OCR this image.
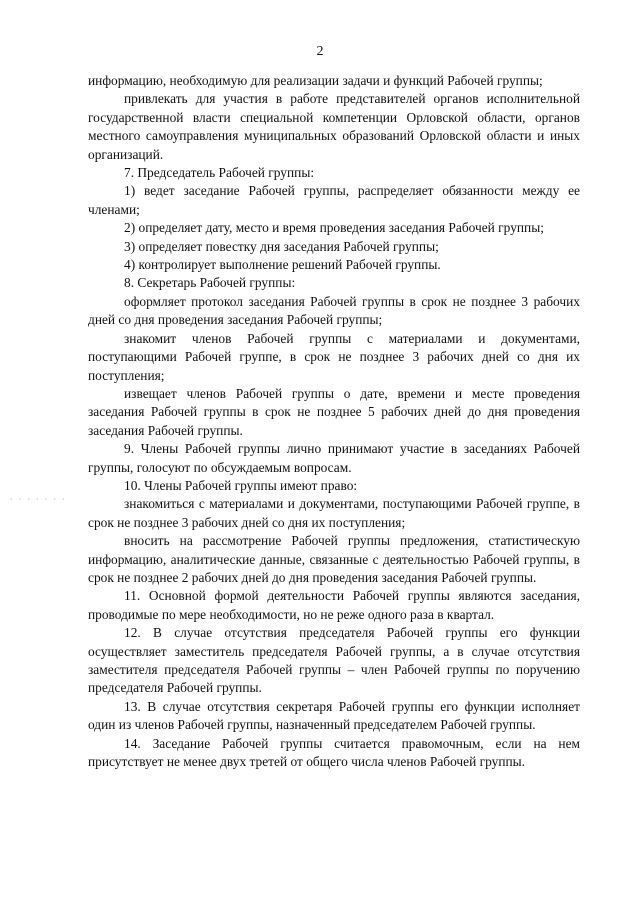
2
· · · · · · ·

информацию, необходимую для реализации задачи и функций Рабочей группы;

привлекать для участия в работе представителей органов исполнительной государственной власти специальной компетенции Орловской области, органов местного самоуправления муниципальных образований Орловской области и иных организаций.

7. Председатель Рабочей группы:

1) ведет заседание Рабочей группы, распределяет обязанности между ее членами;

2) определяет дату, место и время проведения заседания Рабочей группы;

3) определяет повестку дня заседания Рабочей группы;

4) контролирует выполнение решений Рабочей группы.

8. Секретарь Рабочей группы:

оформляет протокол заседания Рабочей группы в срок не позднее 3 рабочих дней со дня проведения заседания Рабочей группы;

знакомит членов Рабочей группы с материалами и документами, поступающими Рабочей группе, в срок не позднее 3 рабочих дней со дня их поступления;

извещает членов Рабочей группы о дате, времени и месте проведения заседания Рабочей группы в срок не позднее 5 рабочих дней до дня проведения заседания Рабочей группы.

9. Члены Рабочей группы лично принимают участие в заседаниях Рабочей группы, голосуют по обсуждаемым вопросам.

10. Члены Рабочей группы имеют право:

знакомиться с материалами и документами, поступающими Рабочей группе, в срок не позднее 3 рабочих дней со дня их поступления;

вносить на рассмотрение Рабочей группы предложения, статистическую информацию, аналитические данные, связанные с деятельностью Рабочей группы, в срок не позднее 2 рабочих дней до дня проведения заседания Рабочей группы.

11. Основной формой деятельности Рабочей группы являются заседания, проводимые по мере необходимости, но не реже одного раза в квартал.

12. В случае отсутствия председателя Рабочей группы его функции осуществляет заместитель председателя Рабочей группы, а в случае отсутствия заместителя председателя Рабочей группы – член Рабочей группы по поручению председателя Рабочей группы.

13. В случае отсутствия секретаря Рабочей группы его функции исполняет один из членов Рабочей группы, назначенный председателем Рабочей группы.

14. Заседание Рабочей группы считается правомочным, если на нем присутствует не менее двух третей от общего числа членов Рабочей группы.
